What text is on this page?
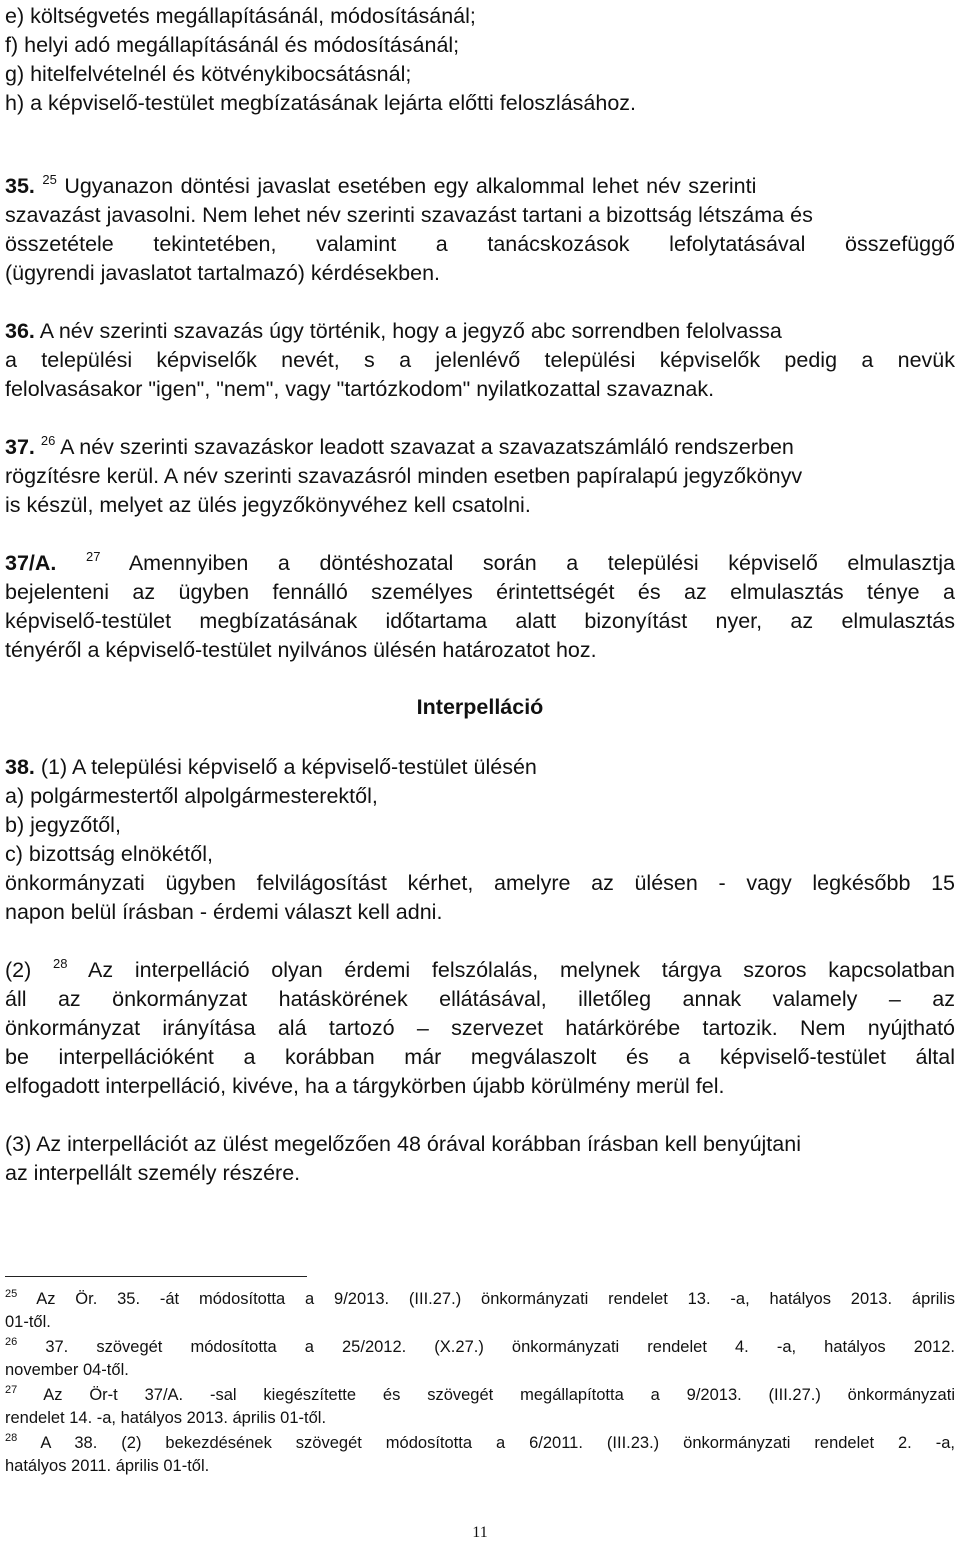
e) költségvetés megállapításánál, módosításánál;
f) helyi adó megállapításánál és módosításánál;
g) hitelfelvételnél és kötvénykibocsátásnál;
h) a képviselő-testület megbízatásának lejárta előtti feloszlásához.
35. $^{25}$ Ugyanazon döntési javaslat esetében egy alkalommal lehet név szerinti
szavazást javasolni. Nem lehet név szerinti szavazást tartani a bizottság létszáma és
összetétele tekintetében, valamint a tanácskozások lefolytatásával összefüggő
(ügyrendi javaslatot tartalmazó) kérdésekben.
36. A név szerinti szavazás úgy történik, hogy a jegyző abc sorrendben felolvassa
a települési képviselők nevét, s a jelenlévő települési képviselők pedig a nevük
felolvasásakor "igen", "nem", vagy "tartózkodom" nyilatkozattal szavaznak.
37. $^{26}$ A név szerinti szavazáskor leadott szavazat a szavazatszámláló rendszerben
rögzítésre kerül. A név szerinti szavazásról minden esetben papíralapú jegyzőkönyv
is készül, melyet az ülés jegyzőkönyvéhez kell csatolni.
37/A. $^{27}$ Amennyiben a döntéshozatal során a települési képviselő elmulasztja
bejelenteni az ügyben fennálló személyes érintettségét és az elmulasztás ténye a
képviselő-testület megbízatásának időtartama alatt bizonyítást nyer, az elmulasztás
tényéről a képviselő-testület nyilvános ülésén határozatot hoz.
Interpelláció
38. (1) A települési képviselő a képviselő-testület ülésén
a) polgármestertől alpolgármesterektől,
b) jegyzőtől,
c) bizottság elnökétől,
önkormányzati ügyben felvilágosítást kérhet, amelyre az ülésen - vagy legkésőbb 15
napon belül írásban - érdemi választ kell adni.
(2) $^{28}$ Az interpelláció olyan érdemi felszólalás, melynek tárgya szoros kapcsolatban
áll az önkormányzat hatáskörének ellátásával, illetőleg annak valamely – az
önkormányzat irányítása alá tartozó – szervezet határkörébe tartozik. Nem nyújtható
be interpellációként a korábban már megválaszolt és a képviselő-testület által
elfogadott interpelláció, kivéve, ha a tárgykörben újabb körülmény merül fel.
(3) Az interpellációt az ülést megelőzően 48 órával korábban írásban kell benyújtani
az interpellált személy részére.
$^{25}$ Az Ör. 35. -át módosította a 9/2013. (III.27.) önkormányzati rendelet 13. -a, hatályos 2013. április
01-től.
$^{26}$ 37. szövegét módosította a 25/2012. (X.27.) önkormányzati rendelet 4. -a, hatályos 2012.
november 04-től.
$^{27}$ Az Ör-t 37/A. -sal kiegészítette és szövegét megállapította a 9/2013. (III.27.) önkormányzati
rendelet 14. -a, hatályos 2013. április 01-től.
$^{28}$ A 38. (2) bekezdésének szövegét módosította a 6/2011. (III.23.) önkormányzati rendelet 2. -a,
hatályos 2011. április 01-től.
11
